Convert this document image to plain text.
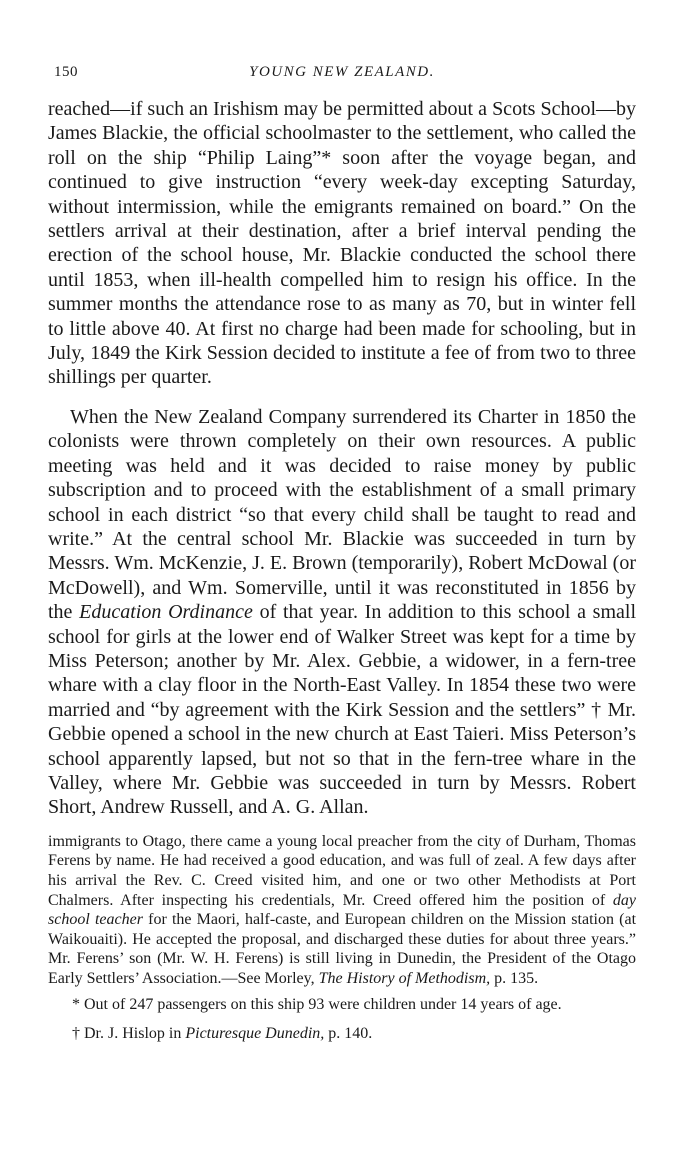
150	YOUNG NEW ZEALAND.

reached—if such an Irishism may be permitted about a Scots School—by James Blackie, the official schoolmaster to the settlement, who called the roll on the ship “Philip Laing”* soon after the voyage began, and continued to give instruction “every week-day excepting Saturday, without intermission, while the emigrants remained on board.” On the settlers arrival at their destination, after a brief interval pending the erection of the school house, Mr. Blackie conducted the school there until 1853, when ill-health compelled him to resign his office. In the summer months the attendance rose to as many as 70, but in winter fell to little above 40. At first no charge had been made for schooling, but in July, 1849 the Kirk Session decided to institute a fee of from two to three shillings per quarter.

When the New Zealand Company surrendered its Charter in 1850 the colonists were thrown completely on their own resources. A public meeting was held and it was decided to raise money by public subscription and to proceed with the establishment of a small primary school in each district “so that every child shall be taught to read and write.” At the central school Mr. Blackie was succeeded in turn by Messrs. Wm. McKenzie, J. E. Brown (temporarily), Robert McDowal (or McDowell), and Wm. Somerville, until it was reconstituted in 1856 by the Education Ordinance of that year. In addition to this school a small school for girls at the lower end of Walker Street was kept for a time by Miss Peterson; another by Mr. Alex. Gebbie, a widower, in a fern-tree whare with a clay floor in the North-East Valley. In 1854 these two were married and “by agreement with the Kirk Session and the settlers” † Mr. Gebbie opened a school in the new church at East Taieri. Miss Peterson’s school apparently lapsed, but not so that in the fern-tree whare in the Valley, where Mr. Gebbie was succeeded in turn by Messrs. Robert Short, Andrew Russell, and A. G. Allan.

immigrants to Otago, there came a young local preacher from the city of Durham, Thomas Ferens by name. He had received a good education, and was full of zeal. A few days after his arrival the Rev. C. Creed visited him, and one or two other Methodists at Port Chalmers. After inspecting his credentials, Mr. Creed offered him the position of day school teacher for the Maori, half-caste, and European children on the Mission station (at Waikouaiti). He accepted the proposal, and discharged these duties for about three years.” Mr. Ferens’ son (Mr. W. H. Ferens) is still living in Dunedin, the President of the Otago Early Settlers’ Association.—See Morley, The History of Methodism, p. 135.

* Out of 247 passengers on this ship 93 were children under 14 years of age.

† Dr. J. Hislop in Picturesque Dunedin, p. 140.
